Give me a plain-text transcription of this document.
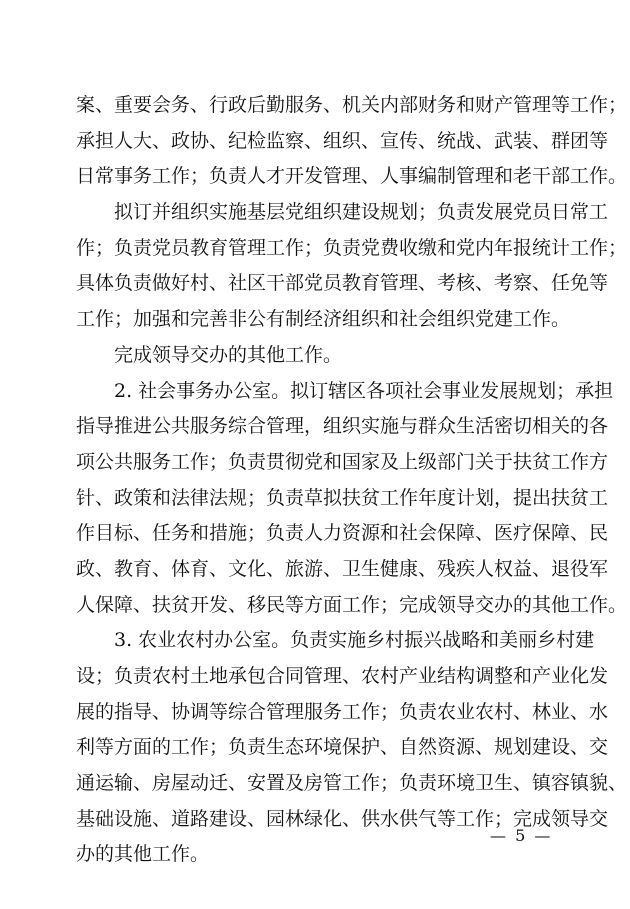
案、重要会务、行政后勤服务、机关内部财务和财产管理等工作；
承担人大、政协、纪检监察、组织、宣传、统战、武装、群团等
日常事务工作；负责人才开发管理、人事编制管理和老干部工作。
拟订并组织实施基层党组织建设规划；负责发展党员日常工
作；负责党员教育管理工作；负责党费收缴和党内年报统计工作；
具体负责做好村、社区干部党员教育管理、考核、考察、任免等
工作；加强和完善非公有制经济组织和社会组织党建工作。
完成领导交办的其他工作。
2. 社会事务办公室。拟订辖区各项社会事业发展规划；承担
指导推进公共服务综合管理，组织实施与群众生活密切相关的各
项公共服务工作；负责贯彻党和国家及上级部门关于扶贫工作方
针、政策和法律法规；负责草拟扶贫工作年度计划，提出扶贫工
作目标、任务和措施；负责人力资源和社会保障、医疗保障、民
政、教育、体育、文化、旅游、卫生健康、残疾人权益、退役军
人保障、扶贫开发、移民等方面工作；完成领导交办的其他工作。
3. 农业农村办公室。负责实施乡村振兴战略和美丽乡村建
设；负责农村土地承包合同管理、农村产业结构调整和产业化发
展的指导、协调等综合管理服务工作；负责农业农村、林业、水
利等方面的工作；负责生态环境保护、自然资源、规划建设、交
通运输、房屋动迁、安置及房管工作；负责环境卫生、镇容镇貌、
基础设施、道路建设、园林绿化、供水供气等工作；完成领导交
办的其他工作。
— 5 —
